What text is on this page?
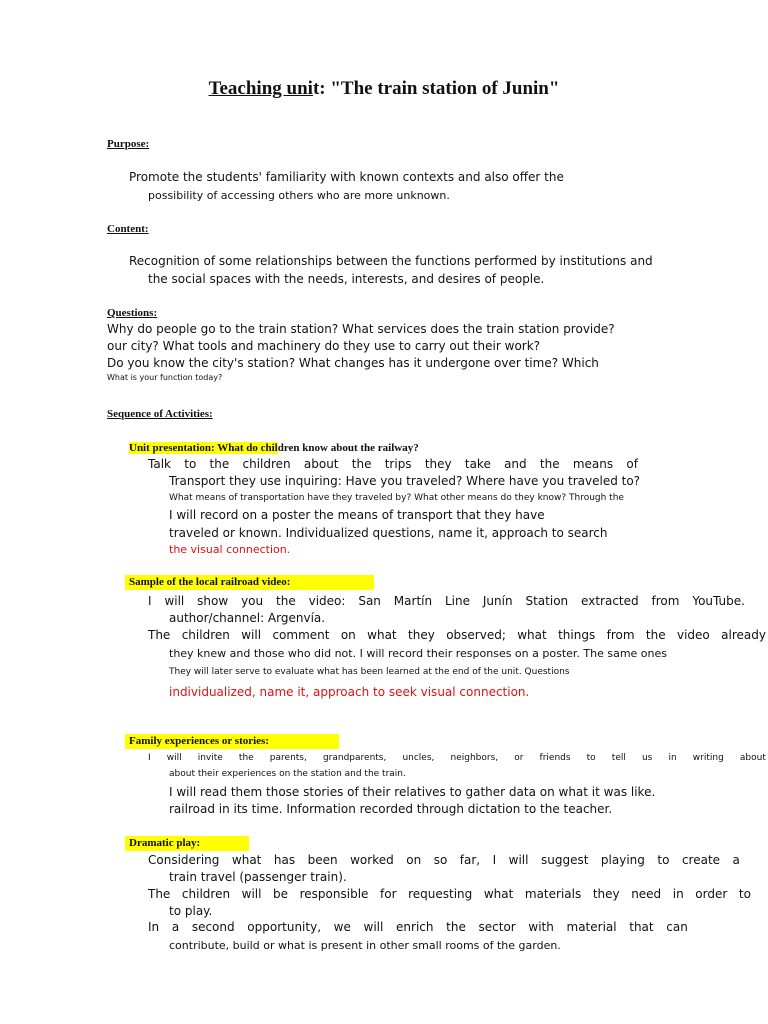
Teaching unit: "The train station of Junin"
Purpose:
Promote the students' familiarity with known contexts and also offer the
possibility of accessing others who are more unknown.
Content:
Recognition of some relationships between the functions performed by institutions and
the social spaces with the needs, interests, and desires of people.
Questions:
Why do people go to the train station? What services does the train station provide?
our city? What tools and machinery do they use to carry out their work?
Do you know the city's station? What changes has it undergone over time? Which
What is your function today?
Sequence of Activities:
Unit presentation: What do children know about the railway?
Talk to the children about the trips they take and the means of
Transport they use inquiring: Have you traveled? Where have you traveled to?
What means of transportation have they traveled by? What other means do they know? Through the
I will record on a poster the means of transport that they have
traveled or known. Individualized questions, name it, approach to search
the visual connection.
Sample of the local railroad video:
I will show you the video: San Martín Line Junín Station extracted from YouTube.
author/channel: Argenvía.
The children will comment on what they observed; what things from the video already
they knew and those who did not. I will record their responses on a poster. The same ones
They will later serve to evaluate what has been learned at the end of the unit. Questions
individualized, name it, approach to seek visual connection.
Family experiences or stories:
I will invite the parents, grandparents, uncles, neighbors, or friends to tell us in writing about
about their experiences on the station and the train.
I will read them those stories of their relatives to gather data on what it was like.
railroad in its time. Information recorded through dictation to the teacher.
Dramatic play:
Considering what has been worked on so far, I will suggest playing to create a
train travel (passenger train).
The children will be responsible for requesting what materials they need in order to
to play.
In a second opportunity, we will enrich the sector with material that can
contribute, build or what is present in other small rooms of the garden.
